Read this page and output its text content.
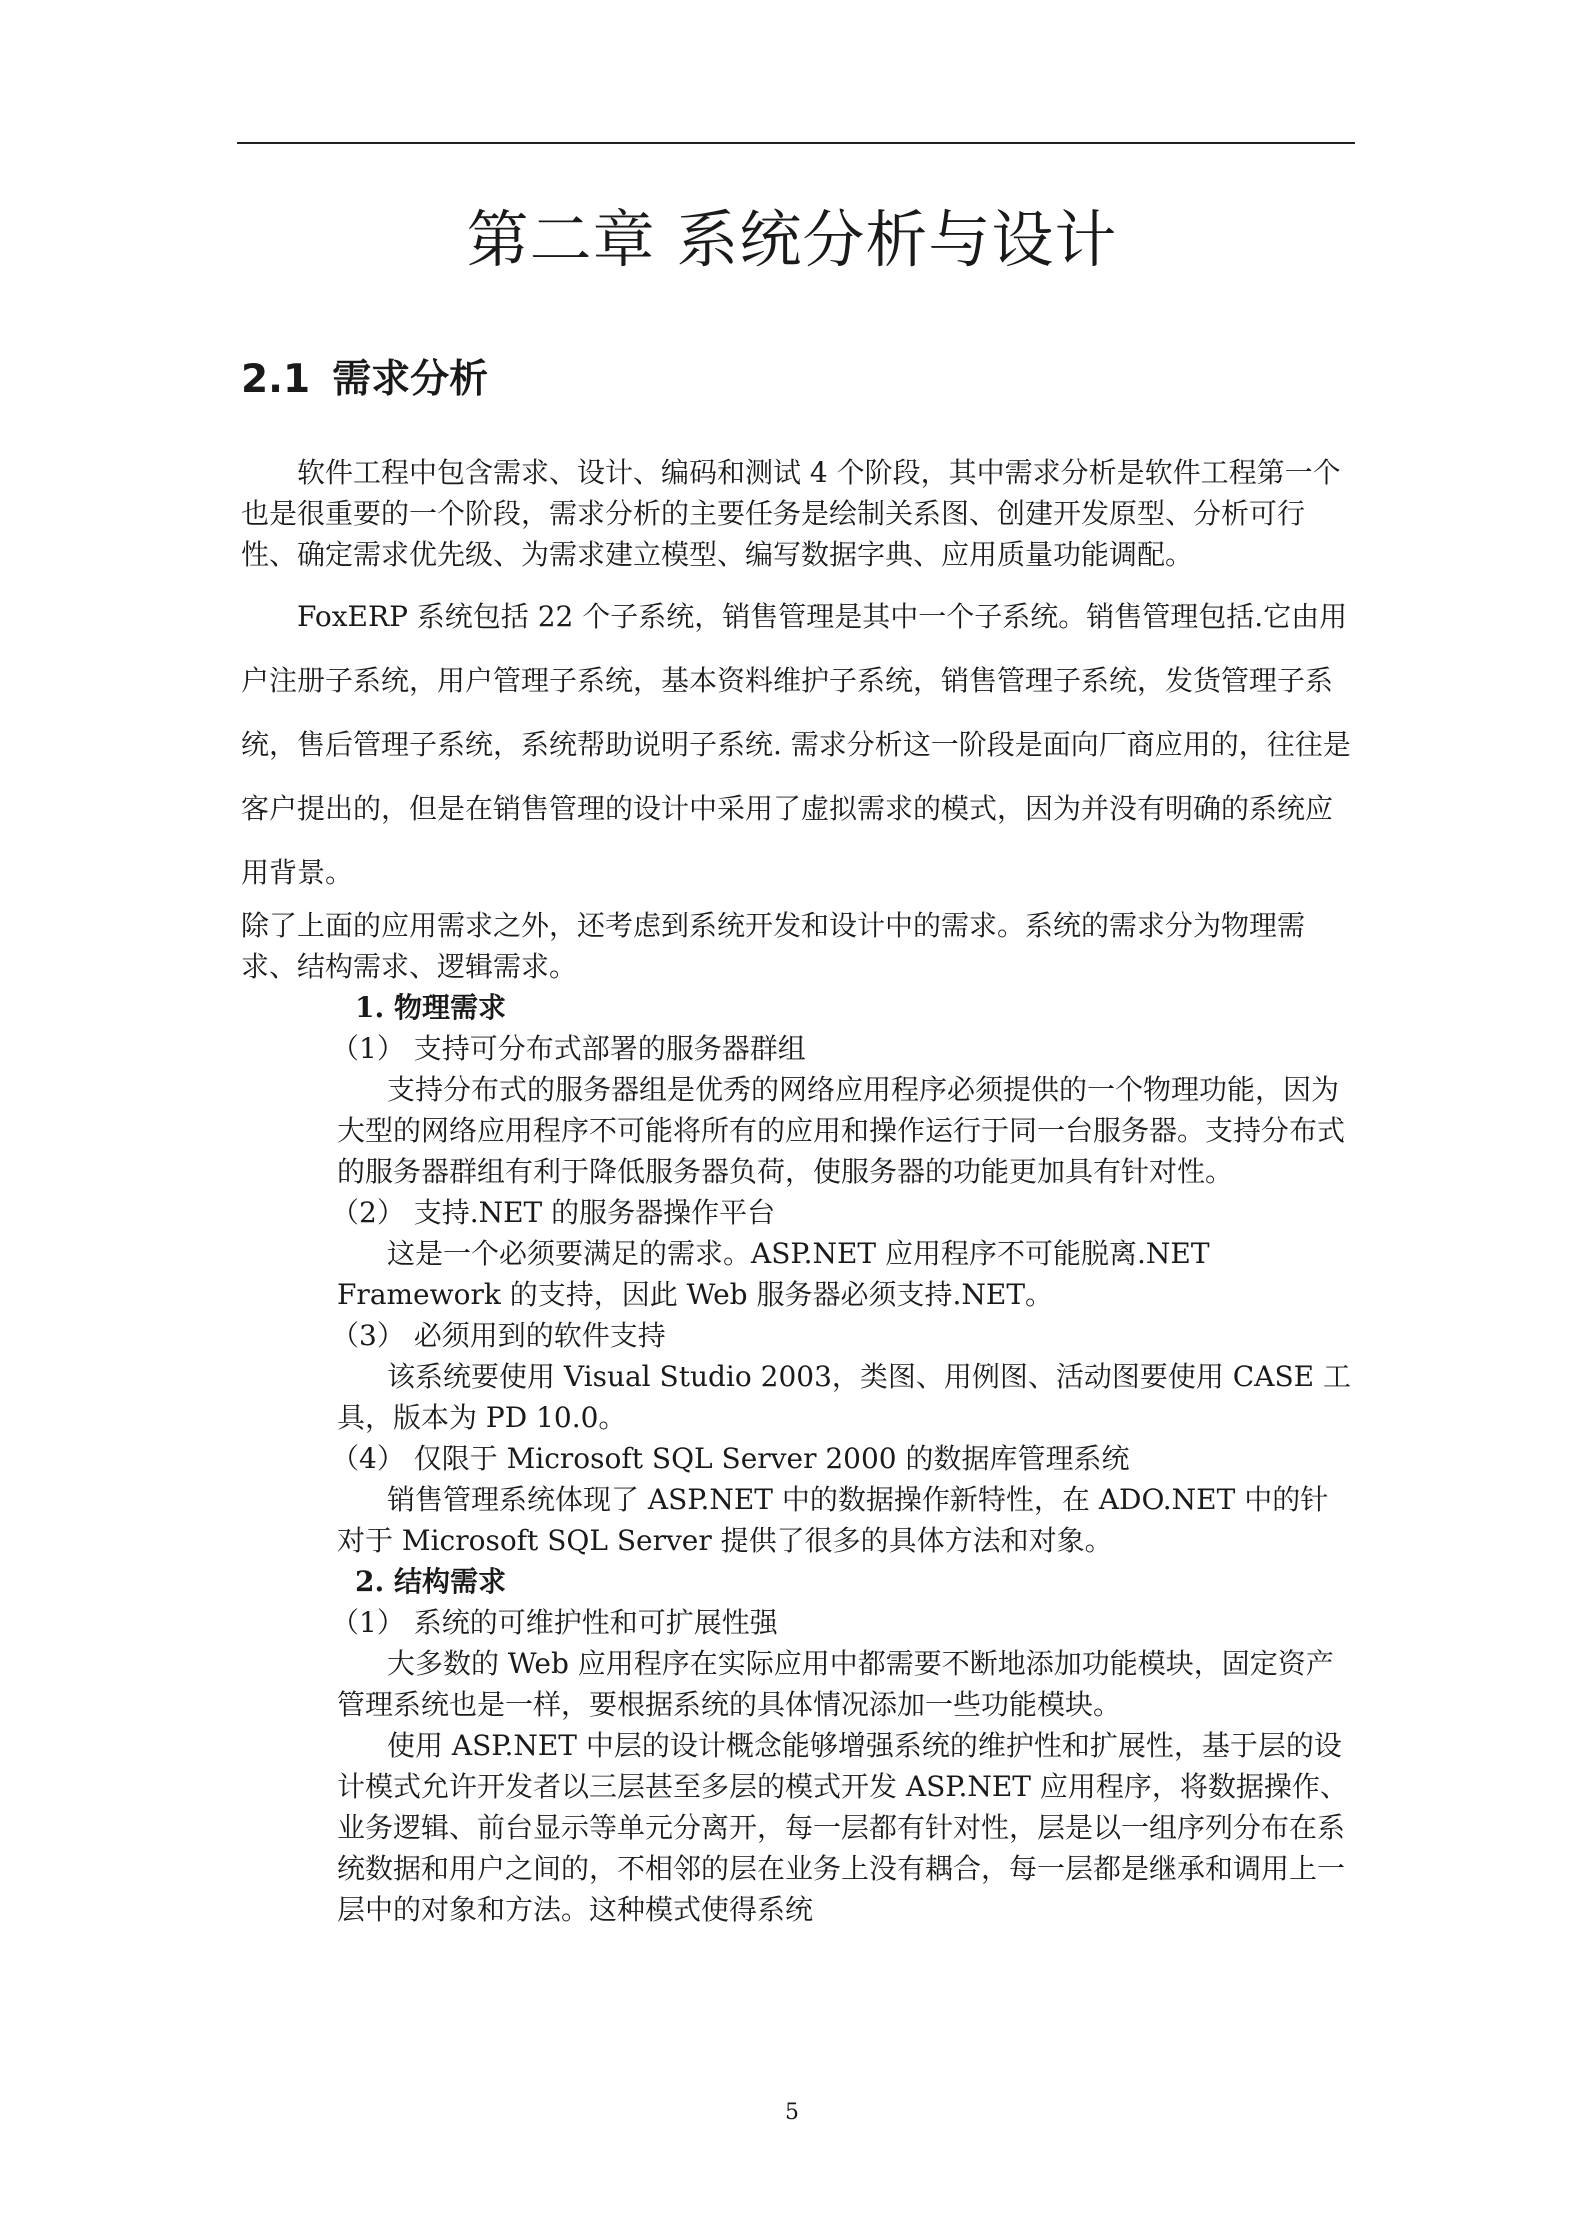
第二章 系统分析与设计
2.1 需求分析

软件工程中包含需求、设计、编码和测试 4 个阶段，其中需求分析是软件工程第一个也是很重要的一个阶段，需求分析的主要任务是绘制关系图、创建开发原型、分析可行性、确定需求优先级、为需求建立模型、编写数据字典、应用质量功能调配。

FoxERP 系统包括 22 个子系统，销售管理是其中一个子系统。销售管理包括.它由用户注册子系统，用户管理子系统，基本资料维护子系统，销售管理子系统，发货管理子系统，售后管理子系统，系统帮助说明子系统. 需求分析这一阶段是面向厂商应用的，往往是客户提出的，但是在销售管理的设计中采用了虚拟需求的模式，因为并没有明确的系统应用背景。

除了上面的应用需求之外，还考虑到系统开发和设计中的需求。系统的需求分为物理需求、结构需求、逻辑需求。

1. 物理需求

（1） 支持可分布式部署的服务器群组

支持分布式的服务器组是优秀的网络应用程序必须提供的一个物理功能，因为大型的网络应用程序不可能将所有的应用和操作运行于同一台服务器。支持分布式的服务器群组有利于降低服务器负荷，使服务器的功能更加具有针对性。

（2） 支持.NET 的服务器操作平台

这是一个必须要满足的需求。ASP.NET 应用程序不可能脱离.NET Framework 的支持，因此 Web 服务器必须支持.NET。

（3） 必须用到的软件支持

该系统要使用 Visual Studio 2003，类图、用例图、活动图要使用 CASE 工具，版本为 PD 10.0。

（4） 仅限于 Microsoft SQL Server 2000 的数据库管理系统

销售管理系统体现了 ASP.NET 中的数据操作新特性，在 ADO.NET 中的针对于 Microsoft SQL Server 提供了很多的具体方法和对象。

2. 结构需求

（1） 系统的可维护性和可扩展性强

大多数的 Web 应用程序在实际应用中都需要不断地添加功能模块，固定资产管理系统也是一样，要根据系统的具体情况添加一些功能模块。

使用 ASP.NET 中层的设计概念能够增强系统的维护性和扩展性，基于层的设计模式允许开发者以三层甚至多层的模式开发 ASP.NET 应用程序，将数据操作、业务逻辑、前台显示等单元分离开，每一层都有针对性，层是以一组序列分布在系统数据和用户之间的，不相邻的层在业务上没有耦合，每一层都是继承和调用上一层中的对象和方法。这种模式使得系统

5
